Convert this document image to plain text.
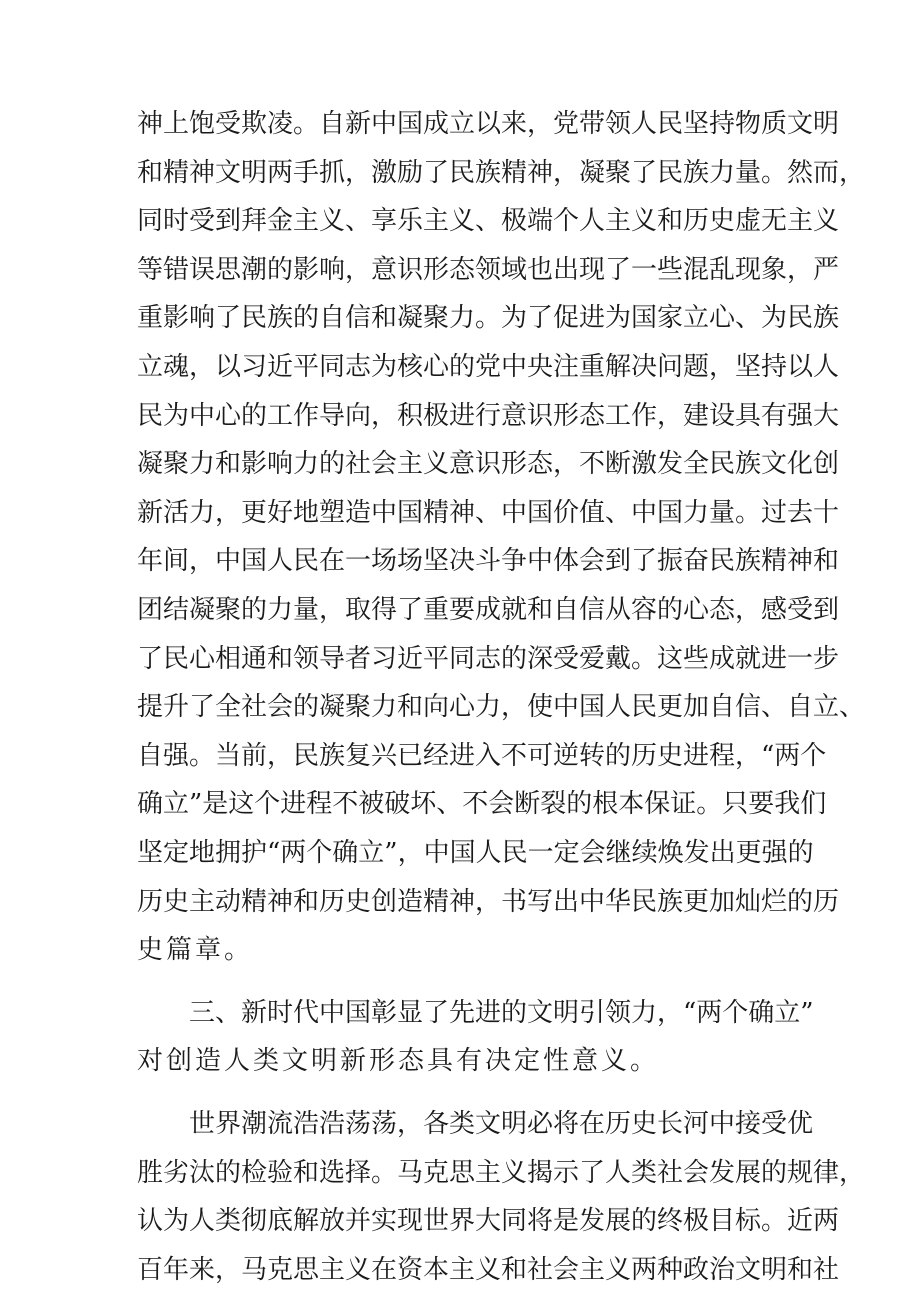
神上饱受欺凌。自新中国成立以来，党带领人民坚持物质文明
和精神文明两手抓，激励了民族精神，凝聚了民族力量。然而，
同时受到拜金主义、享乐主义、极端个人主义和历史虚无主义
等错误思潮的影响，意识形态领域也出现了一些混乱现象，严
重影响了民族的自信和凝聚力。为了促进为国家立心、为民族
立魂，以习近平同志为核心的党中央注重解决问题，坚持以人
民为中心的工作导向，积极进行意识形态工作，建设具有强大
凝聚力和影响力的社会主义意识形态，不断激发全民族文化创
新活力，更好地塑造中国精神、中国价值、中国力量。过去十
年间，中国人民在一场场坚决斗争中体会到了振奋民族精神和
团结凝聚的力量，取得了重要成就和自信从容的心态，感受到
了民心相通和领导者习近平同志的深受爱戴。这些成就进一步
提升了全社会的凝聚力和向心力，使中国人民更加自信、自立、
自强。当前，民族复兴已经进入不可逆转的历史进程，“两个
确立”是这个进程不被破坏、不会断裂的根本保证。只要我们
坚定地拥护“两个确立”，中国人民一定会继续焕发出更强的
历史主动精神和历史创造精神，书写出中华民族更加灿烂的历
史篇章。
三、新时代中国彰显了先进的文明引领力，“两个确立”
对创造人类文明新形态具有决定性意义。
世界潮流浩浩荡荡，各类文明必将在历史长河中接受优
胜劣汰的检验和选择。马克思主义揭示了人类社会发展的规律，
认为人类彻底解放并实现世界大同将是发展的终极目标。近两
百年来，马克思主义在资本主义和社会主义两种政治文明和社
